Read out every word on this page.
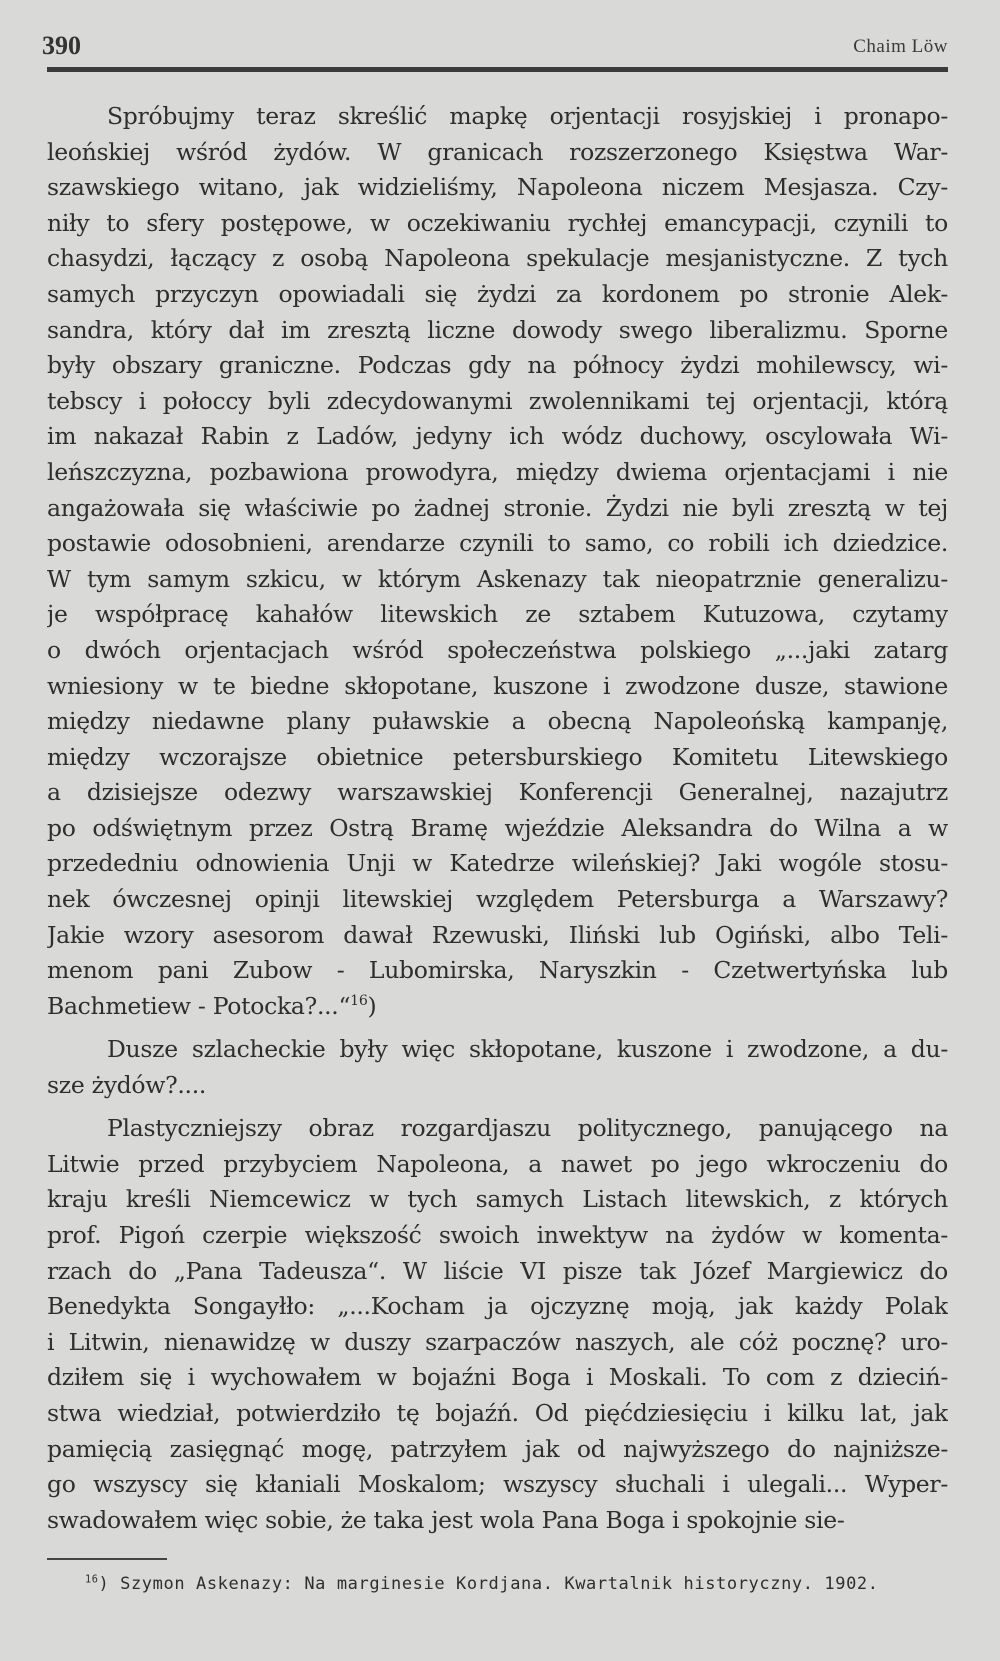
390	Chaim Löw
Spróbujmy teraz skreślić mapkę orjentacji rosyjskiej i pronapo-
leońskiej wśród żydów. W granicach rozszerzonego Księstwa War-
szawskiego witano, jak widzieliśmy, Napoleona niczem Mesjasza. Czy-
niły to sfery postępowe, w oczekiwaniu rychłej emancypacji, czynili to
chasydzi, łączący z osobą Napoleona spekulacje mesjanistyczne. Z tych
samych przyczyn opowiadali się żydzi za kordonem po stronie Alek-
sandra, który dał im zresztą liczne dowody swego liberalizmu. Sporne
były obszary graniczne. Podczas gdy na północy żydzi mohilewscy, wi-
tebscy i połoccy byli zdecydowanymi zwolennikami tej orjentacji, którą
im nakazał Rabin z Ladów, jedyny ich wódz duchowy, oscylowała Wi-
leńszczyzna, pozbawiona prowodyra, między dwiema orjentacjami i nie
angażowała się właściwie po żadnej stronie. Żydzi nie byli zresztą w tej
postawie odosobnieni, arendarze czynili to samo, co robili ich dziedzice.
W tym samym szkicu, w którym Askenazy tak nieopatrznie generalizu-
je współpracę kahałów litewskich ze sztabem Kutuzowa, czytamy
o dwóch orjentacjach wśród społeczeństwa polskiego „...jaki zatarg
wniesiony w te biedne skłopotane, kuszone i zwodzone dusze, stawione
między niedawne plany puławskie a obecną Napoleońską kampanję,
między wczorajsze obietnice petersburskiego Komitetu Litewskiego
a dzisiejsze odezwy warszawskiej Konferencji Generalnej, nazajutrz
po odświętnym przez Ostrą Bramę wjeździe Aleksandra do Wilna a w
przededniu odnowienia Unji w Katedrze wileńskiej? Jaki wogóle stosu-
nek ówczesnej opinji litewskiej względem Petersburga a Warszawy?
Jakie wzory asesorom dawał Rzewuski, Iliński lub Ogiński, albo Teli-
menom pani Zubow - Lubomirska, Naryszkin - Czetwertyńska lub
Bachmetiew - Potocka?...“$^{16}$)
Dusze szlacheckie były więc skłopotane, kuszone i zwodzone, a du-
sze żydów?....
Plastyczniejszy obraz rozgardjaszu politycznego, panującego na
Litwie przed przybyciem Napoleona, a nawet po jego wkroczeniu do
kraju kreśli Niemcewicz w tych samych Listach litewskich, z których
prof. Pigoń czerpie większość swoich inwektyw na żydów w komenta-
rzach do „Pana Tadeusza“. W liście VI pisze tak Józef Margiewicz do
Benedykta Songayłło: „...Kocham ja ojczyznę moją, jak każdy Polak
i Litwin, nienawidzę w duszy szarpaczów naszych, ale cóż pocznę? uro-
dziłem się i wychowałem w bojaźni Boga i Moskali. To com z dzieciń-
stwa wiedział, potwierdziło tę bojaźń. Od pięćdziesięciu i kilku lat, jak
pamięcią zasięgnąć mogę, patrzyłem jak od najwyższego do najniższe-
go wszyscy się kłaniali Moskalom; wszyscy słuchali i ulegali... Wyper-
swadowałem więc sobie, że taka jest wola Pana Boga i spokojnie sie-
$^{16}$) Szymon Askenazy: Na marginesie Kordjana. Kwartalnik historyczny. 1902.
